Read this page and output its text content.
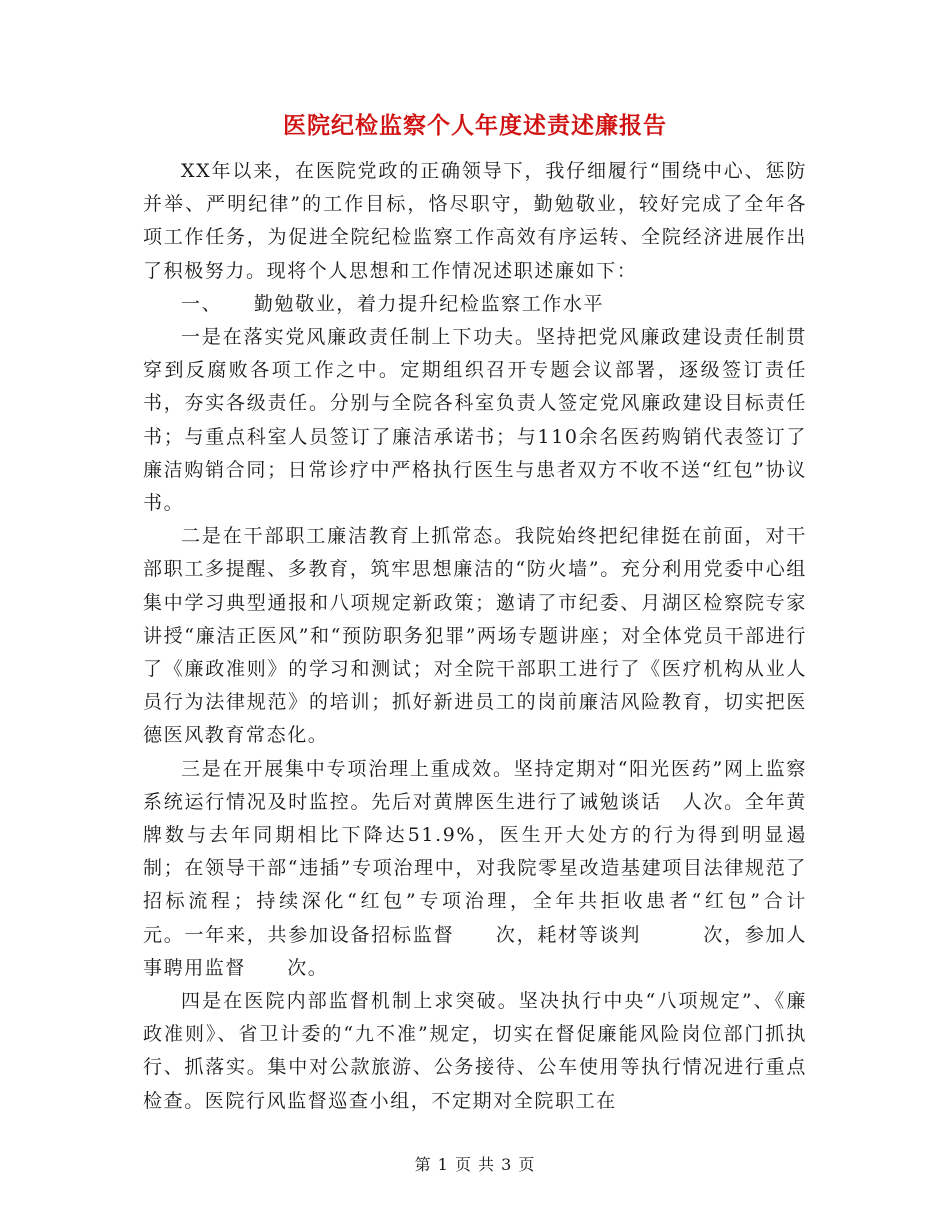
医院纪检监察个人年度述责述廉报告

XX年以来，在医院党政的正确领导下，我仔细履行“围绕中心、惩防并举、严明纪律”的工作目标，恪尽职守，勤勉敬业，较好完成了全年各项工作任务，为促进全院纪检监察工作高效有序运转、全院经济进展作出了积极努力。现将个人思想和工作情况述职述廉如下：

一、　　勤勉敬业，着力提升纪检监察工作水平

一是在落实党风廉政责任制上下功夫。坚持把党风廉政建设责任制贯穿到反腐败各项工作之中。定期组织召开专题会议部署，逐级签订责任书，夯实各级责任。分别与全院各科室负责人签定党风廉政建设目标责任书；与重点科室人员签订了廉洁承诺书；与110余名医药购销代表签订了廉洁购销合同；日常诊疗中严格执行医生与患者双方不收不送“红包”协议书。

二是在干部职工廉洁教育上抓常态。我院始终把纪律挺在前面，对干部职工多提醒、多教育，筑牢思想廉洁的“防火墙”。充分利用党委中心组集中学习典型通报和八项规定新政策；邀请了市纪委、月湖区检察院专家讲授“廉洁正医风”和“预防职务犯罪”两场专题讲座；对全体党员干部进行了《廉政准则》的学习和测试；对全院干部职工进行了《医疗机构从业人员行为法律规范》的培训；抓好新进员工的岗前廉洁风险教育，切实把医德医风教育常态化。

三是在开展集中专项治理上重成效。坚持定期对“阳光医药”网上监察系统运行情况及时监控。先后对黄牌医生进行了诫勉谈话　人次。全年黄牌数与去年同期相比下降达51.9%，医生开大处方的行为得到明显遏制；在领导干部“违插”专项治理中，对我院零星改造基建项目法律规范了招标流程；持续深化“红包”专项治理，全年共拒收患者“红包”合计　　　元。一年来，共参加设备招标监督　　次，耗材等谈判　　　次，参加人事聘用监督　　次。

四是在医院内部监督机制上求突破。坚决执行中央“八项规定”、《廉政准则》、省卫计委的“九不准”规定，切实在督促廉能风险岗位部门抓执行、抓落实。集中对公款旅游、公务接待、公车使用等执行情况进行重点检查。医院行风监督巡查小组，不定期对全院职工在

第 1 页 共 3 页
